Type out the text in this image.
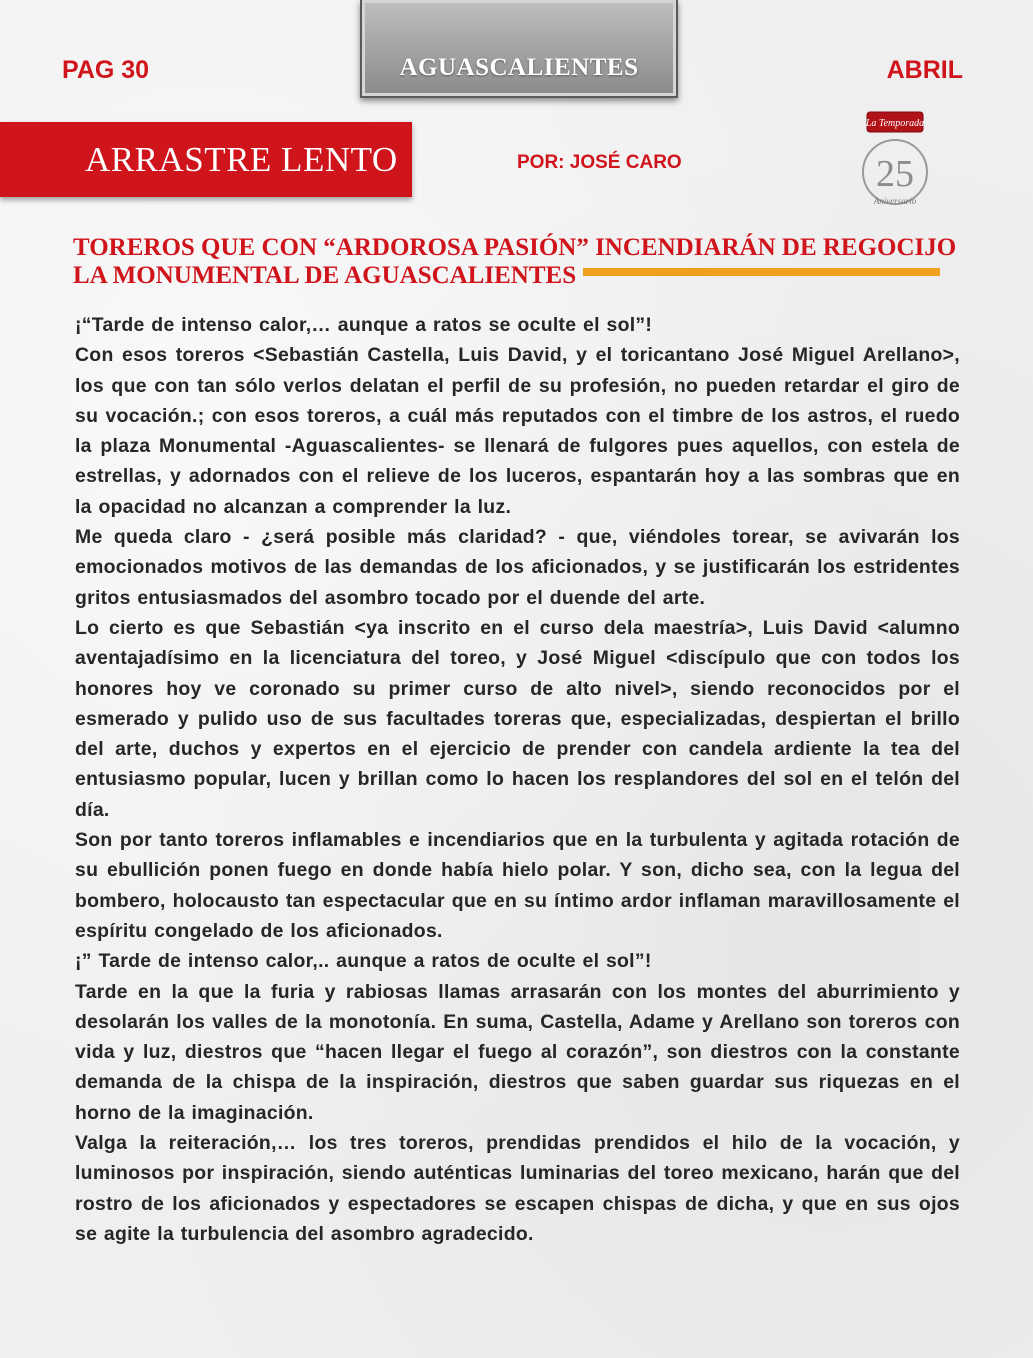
PAG 30	AGUASCALIENTES	ABRIL
ARRASTRE LENTO	POR: JOSÉ CARO
La Temporada
25
Aniversario
TOREROS QUE CON “ARDOROSA PASIÓN” INCENDIARÁN DE REGOCIJO
LA MONUMENTAL DE AGUASCALIENTES

¡“Tarde de intenso calor,… aunque a ratos se oculte el sol”!

Con esos toreros <Sebastián Castella, Luis David, y el toricantano José Miguel Arellano>, los que con tan sólo verlos delatan el perfil de su profesión, no pueden retardar el giro de su vocación.; con esos toreros, a cuál más reputados con el timbre de los astros, el ruedo la plaza Monumental -Aguascalientes- se llenará de fulgores pues aquellos, con estela de estrellas, y adornados con el relieve de los luceros, espantarán hoy a las sombras que en la opacidad no alcanzan a comprender la luz.

Me queda claro - ¿será posible más claridad? - que, viéndoles torear, se avivarán los emocionados motivos de las demandas de los aficionados, y se justificarán los estridentes gritos entusiasmados del asombro tocado por el duende del arte.

Lo cierto es que Sebastián <ya inscrito en el curso dela maestría>, Luis David <alumno aventajadísimo en la licenciatura del toreo, y José Miguel <discípulo que con todos los honores hoy ve coronado su primer curso de alto nivel>, siendo reconocidos por el esmerado y pulido uso de sus facultades toreras que, especializadas, despiertan el brillo del arte, duchos y expertos en el ejercicio de prender con candela ardiente la tea del entusiasmo popular, lucen y brillan como lo hacen los resplandores del sol en el telón del día.

Son por tanto toreros inflamables e incendiarios que en la turbulenta y agitada rotación de su ebullición ponen fuego en donde había hielo polar. Y son, dicho sea, con la legua del bombero, holocausto tan espectacular que en su íntimo ardor inflaman maravillosamente el espíritu congelado de los aficionados.

¡” Tarde de intenso calor,.. aunque a ratos de oculte el sol”!

Tarde en la que la furia y rabiosas llamas arrasarán con los montes del aburrimiento y desolarán los valles de la monotonía. En suma, Castella, Adame y Arellano son toreros con vida y luz, diestros que “hacen llegar el fuego al corazón”, son diestros con la constante demanda de la chispa de la inspiración, diestros que saben guardar sus riquezas en el horno de la imaginación.

Valga la reiteración,… los tres toreros, prendidas prendidos el hilo de la vocación, y luminosos por inspiración, siendo auténticas luminarias del toreo mexicano, harán que del rostro de los aficionados y espectadores se escapen chispas de dicha, y que en sus ojos se agite la turbulencia del asombro agradecido.
